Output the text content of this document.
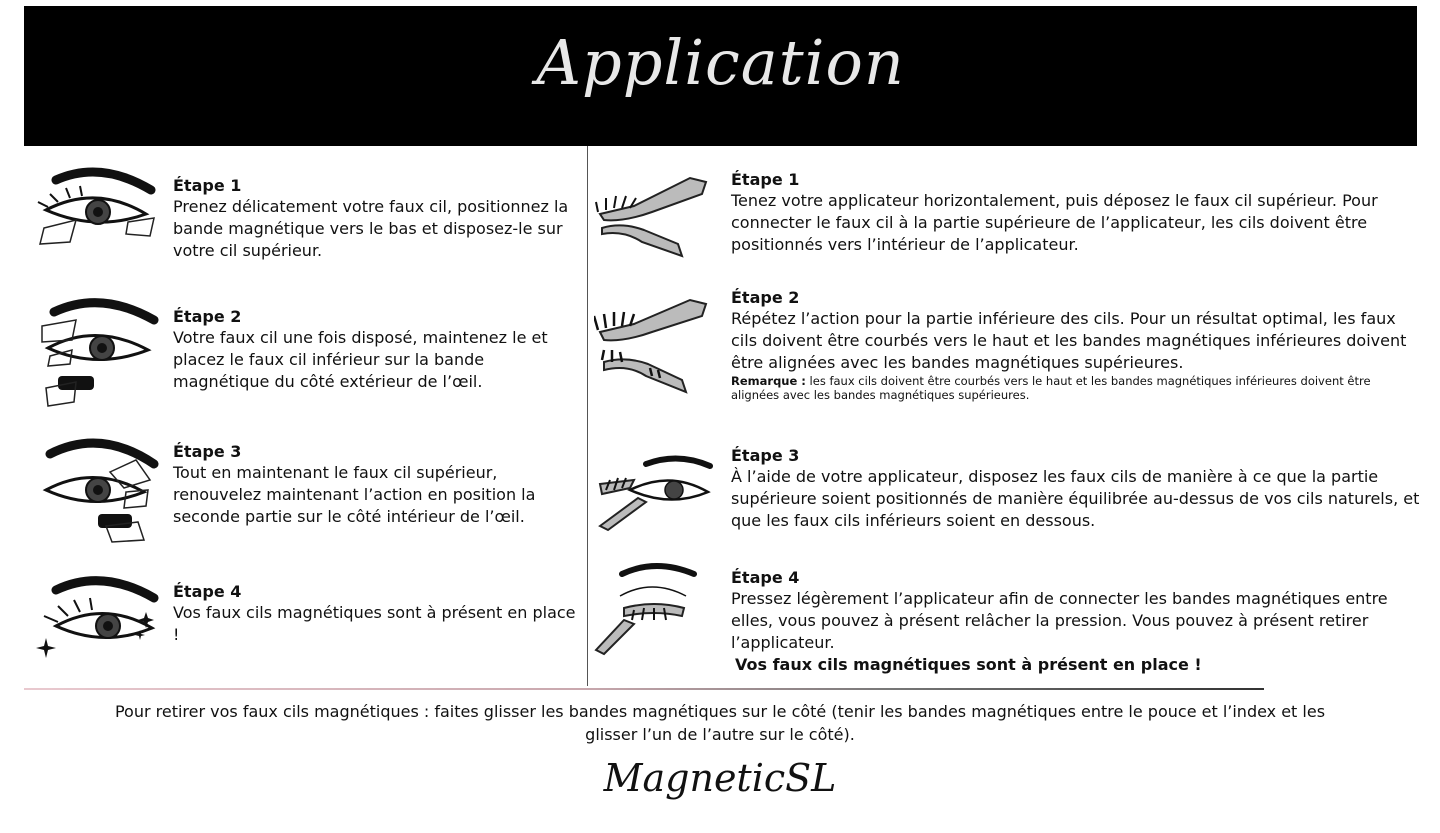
Application
Étape 1
Prenez délicatement votre faux cil, positionnez la bande magnétique vers le bas et disposez-le sur votre cil supérieur.
Étape 2
Votre faux cil une fois disposé, maintenez le et placez le faux cil inférieur sur la bande magnétique du côté extérieur de l’œil.
Étape 3
Tout en maintenant le faux cil supérieur, renouvelez maintenant l’action en position la seconde partie sur le côté intérieur de l’œil.
Étape 4
Vos faux cils magnétiques sont à présent en place !
Étape 1
Tenez votre applicateur horizontalement, puis déposez le faux cil supérieur. Pour connecter le faux cil à la partie supérieure de l’applicateur, les cils doivent être positionnés vers l’intérieur de l’applicateur.
Étape 2
Répétez l’action pour la partie inférieure des cils. Pour un résultat optimal, les faux cils doivent être courbés vers le haut et les bandes magnétiques inférieures doivent être alignées avec les bandes magnétiques supérieures.
Remarque : les faux cils doivent être courbés vers le haut et les bandes magnétiques inférieures doivent être alignées avec les bandes magnétiques supérieures.
Étape 3
À l’aide de votre applicateur, disposez les faux cils de manière à ce que la partie supérieure soient positionnés de manière équilibrée au-dessus de vos cils naturels, et que les faux cils inférieurs soient en dessous.
Étape 4
Pressez légèrement l’applicateur afin de connecter les bandes magnétiques entre elles, vous pouvez à présent relâcher la pression. Vous pouvez à présent retirer l’applicateur.
Vos faux cils magnétiques sont à présent en place !
Pour retirer vos faux cils magnétiques : faites glisser les bandes magnétiques sur le côté (tenir les bandes magnétiques entre le pouce et l’index et les glisser l’un de l’autre sur le côté).
MagneticSL
